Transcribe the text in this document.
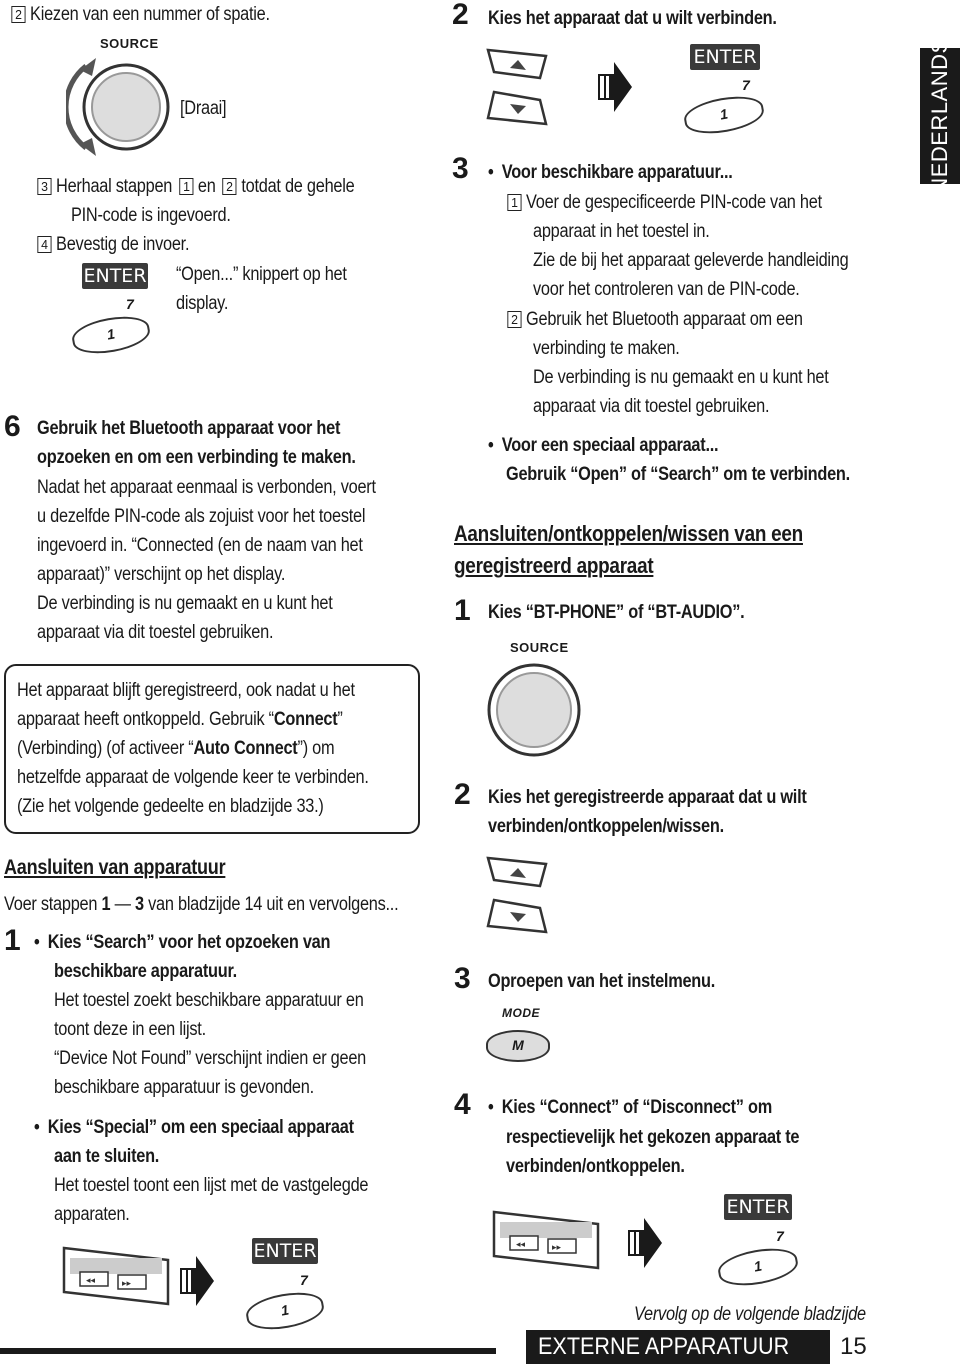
2 Kiezen van een nummer of spatie.
SOURCE
[Draai]
3 Herhaal stappen 1 en 2 totdat de gehele
PIN-code is ingevoerd.
4 Bevestig de invoer.
ENTER
7
1
“Open...” knippert op het
display.
6 Gebruik het Bluetooth apparaat voor het
opzoeken en om een verbinding te maken.
Nadat het apparaat eenmaal is verbonden, voert
u dezelfde PIN-code als zojuist voor het toestel
ingevoerd in. “Connected (en de naam van het
apparaat)” verschijnt op het display.
De verbinding is nu gemaakt en u kunt het
apparaat via dit toestel gebruiken.
Het apparaat blijft geregistreerd, ook nadat u het
apparaat heeft ontkoppeld. Gebruik “Connect”
(Verbinding) (of activeer “Auto Connect”) om
hetzelfde apparaat de volgende keer te verbinden.
(Zie het volgende gedeelte en bladzijde 33.)
Aansluiten van apparatuur
Voer stappen 1 — 3 van bladzijde 14 uit en vervolgens...
1 • Kies “Search” voor het opzoeken van
beschikbare apparatuur.
Het toestel zoekt beschikbare apparatuur en
toont deze in een lijst.
“Device Not Found” verschijnt indien er geen
beschikbare apparatuur is gevonden.
• Kies “Special” om een speciaal apparaat
aan te sluiten.
Het toestel toont een lijst met de vastgelegde
apparaten.
◂◂	▸▸
ENTER
7
1
2 Kies het apparaat dat u wilt verbinden.
ENTER
7
1	NEDERLANDS
3 • Voor beschikbare apparatuur...
1 Voer de gespecificeerde PIN-code van het
apparaat in het toestel in.
Zie de bij het apparaat geleverde handleiding
voor het controleren van de PIN-code.
2 Gebruik het Bluetooth apparaat om een
verbinding te maken.
De verbinding is nu gemaakt en u kunt het
apparaat via dit toestel gebruiken.
• Voor een speciaal apparaat...
Gebruik “Open” of “Search” om te verbinden.
Aansluiten/ontkoppelen/wissen van een
geregistreerd apparaat
1 Kies “BT-PHONE” of “BT-AUDIO”.
SOURCE
2 Kies het geregistreerde apparaat dat u wilt
verbinden/ontkoppelen/wissen.
3 Oproepen van het instelmenu.
MODE
M
4 • Kies “Connect” of “Disconnect” om
respectievelijk het gekozen apparaat te
verbinden/ontkoppelen.
◂◂	▸▸
ENTER
7
1
Vervolg op de volgende bladzijde
EXTERNE APPARATUUR 15
